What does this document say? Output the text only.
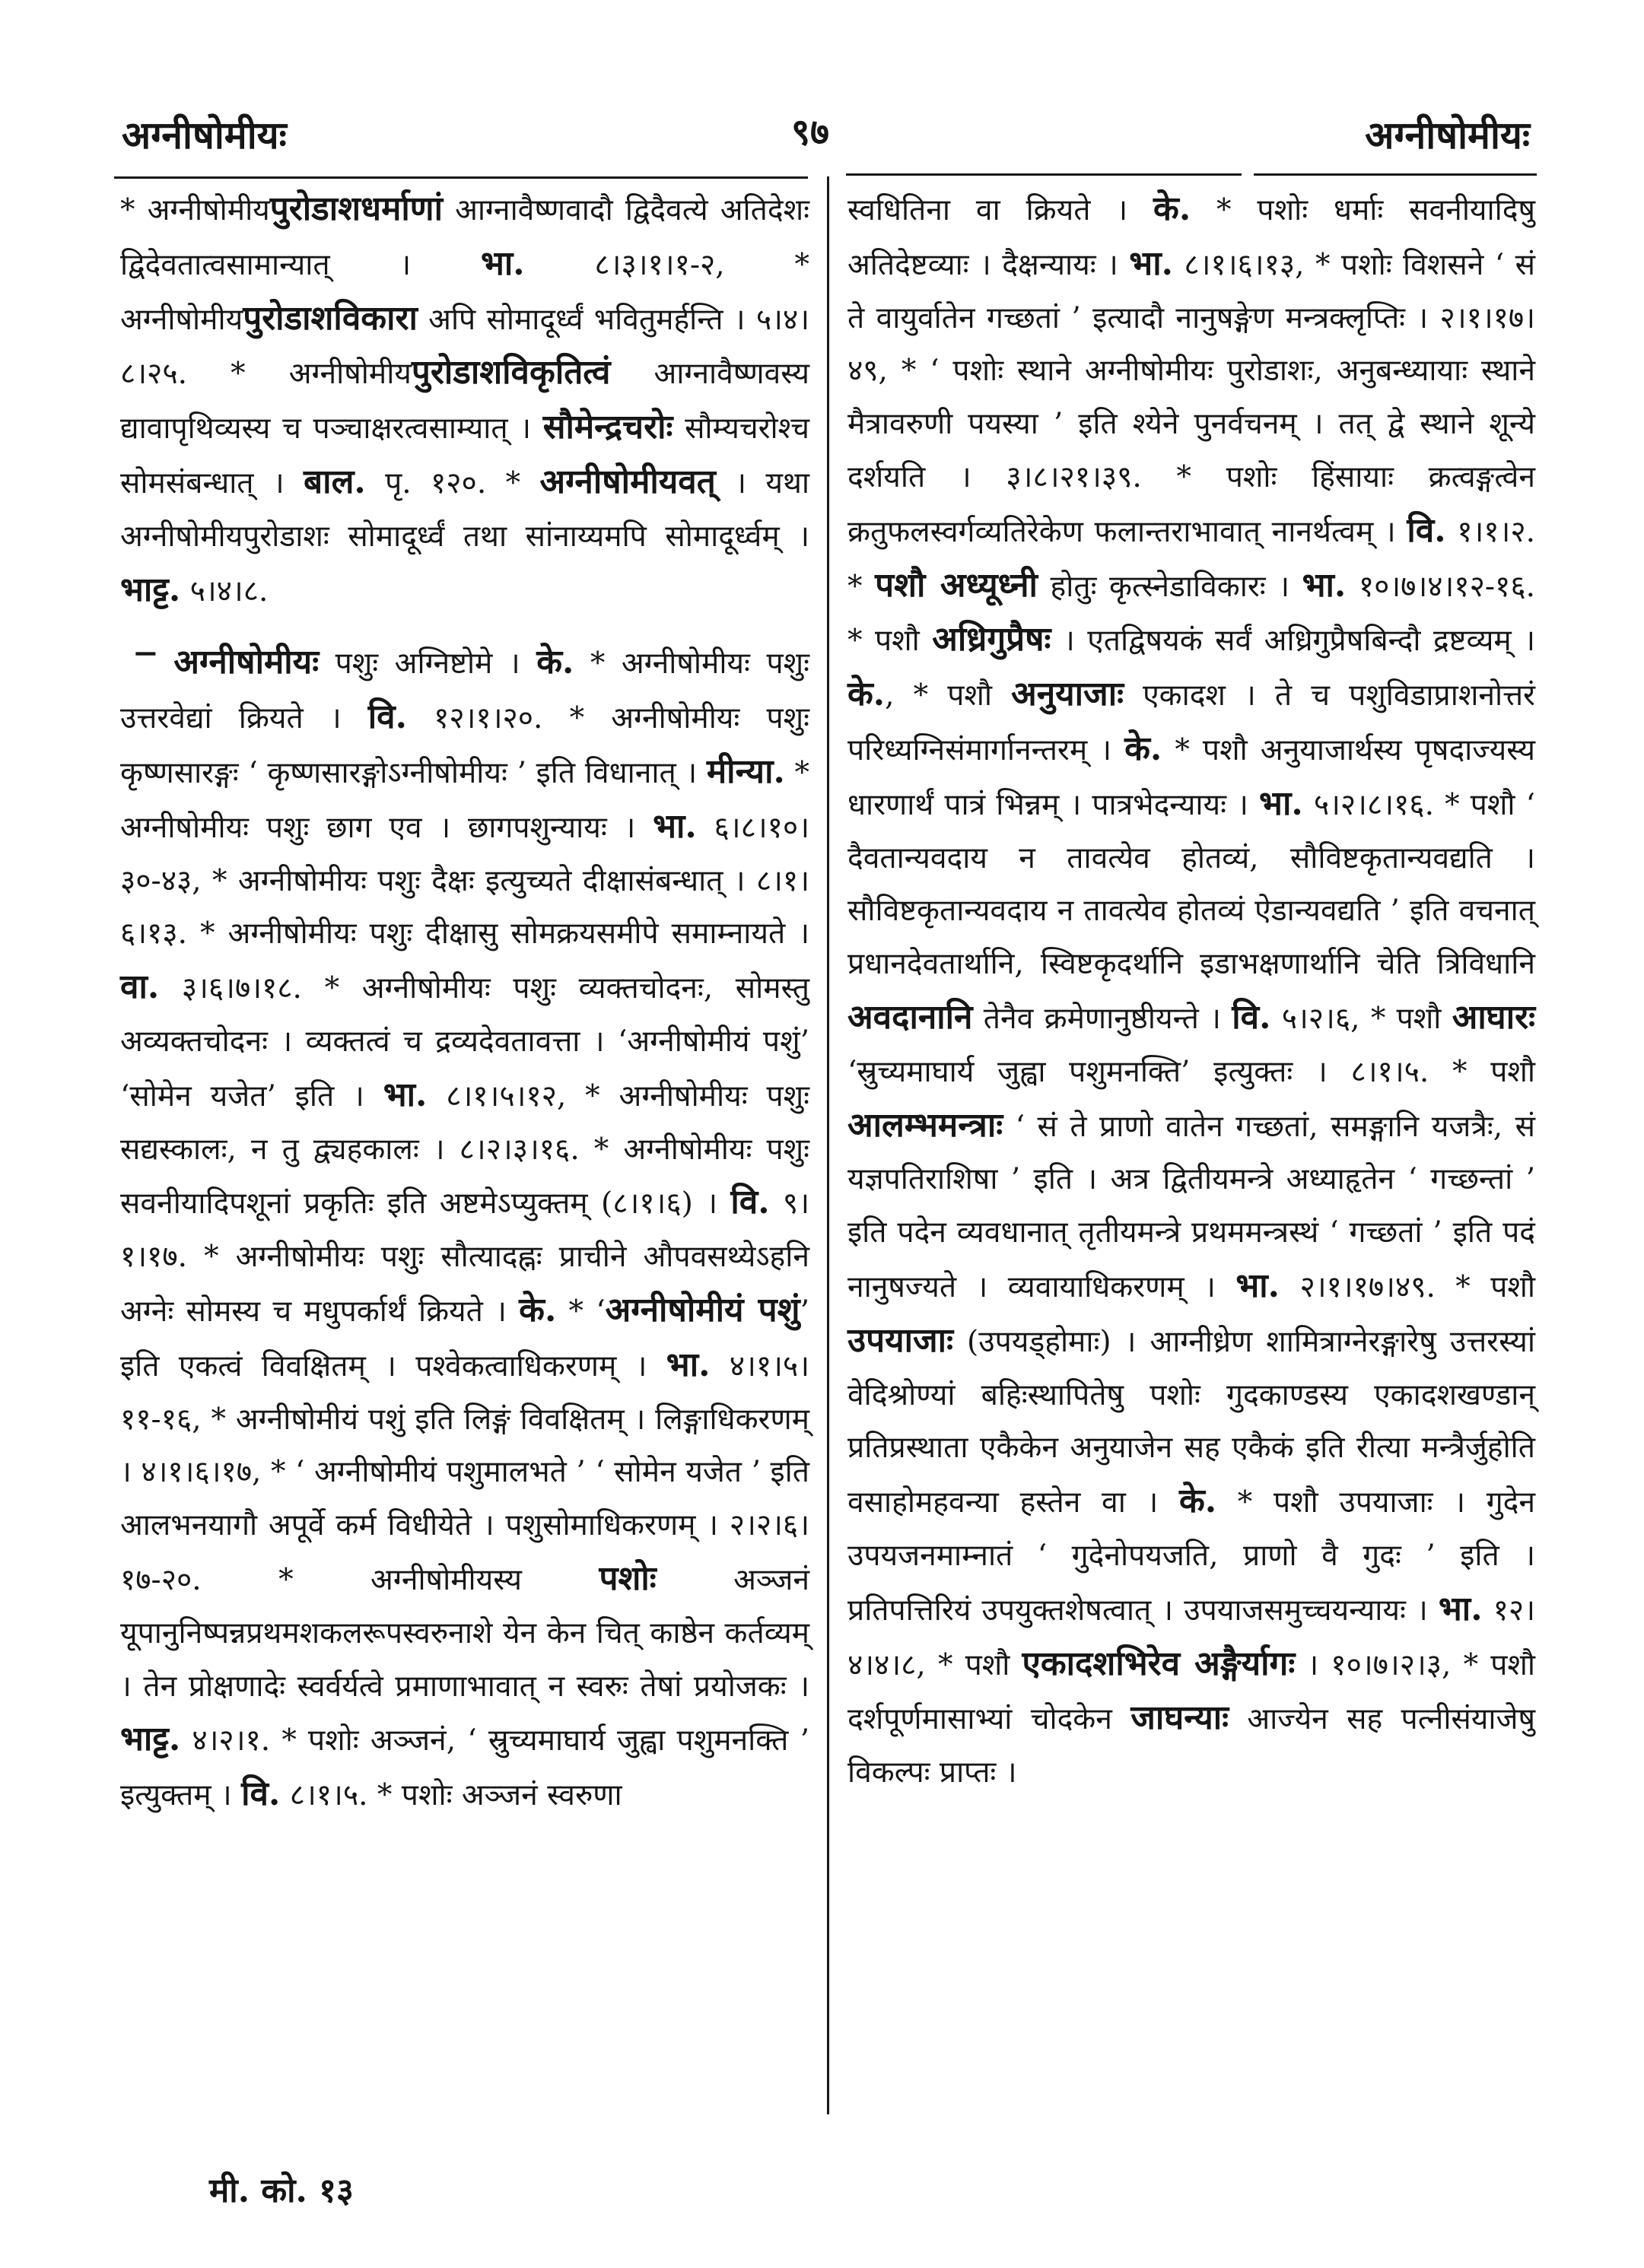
अग्नीषोमीयः	९७	अग्नीषोमीयः

* अग्नीषोमीयपुरोडाशधर्माणां आग्नावैष्णवादौ द्विदैवत्ये अतिदेशः द्विदेवतात्वसामान्यात् । भा. ८।३।१।१-२, * अग्नीषोमीयपुरोडाशविकारा अपि सोमादूर्ध्वं भवितुमर्हन्ति । ५।४।८।२५. * अग्नीषोमीयपुरोडाशविकृतित्वं आग्नावैष्णवस्य द्यावापृथिव्यस्य च पञ्चाक्षरत्वसाम्यात् । सौमेन्द्रचरोः सौम्यचरोश्च सोमसंबन्धात् । बाल. पृ. १२०. * अग्नीषोमीयवत् । यथा अग्नीषोमीयपुरोडाशः सोमादूर्ध्वं तथा सांनाय्यमपि सोमादूर्ध्वम् । भाट्ट. ५।४।८.

ꣻ अग्नीषोमीयः पशुः अग्निष्टोमे । के. * अग्नीषोमीयः पशुः उत्तरवेद्यां क्रियते । वि. १२।१।२०. * अग्नीषोमीयः पशुः कृष्णसारङ्गः ‘ कृष्णसारङ्गोऽग्नीषोमीयः ’ इति विधानात् । मीन्या. * अग्नीषोमीयः पशुः छाग एव । छागपशुन्यायः । भा. ६।८।१०।३०-४३, * अग्नीषोमीयः पशुः दैक्षः इत्युच्यते दीक्षासंबन्धात् । ८।१।६।१३. * अग्नीषोमीयः पशुः दीक्षासु सोमक्रयसमीपे समाम्नायते । वा. ३।६।७।१८. * अग्नीषोमीयः पशुः व्यक्तचोदनः, सोमस्तु अव्यक्तचोदनः । व्यक्तत्वं च द्रव्यदेवतावत्ता । ‘अग्नीषोमीयं पशुं’ ‘सोमेन यजेत’ इति । भा. ८।१।५।१२, * अग्नीषोमीयः पशुः सद्यस्कालः, न तु द्व्यहकालः । ८।२।३।१६. * अग्नीषोमीयः पशुः सवनीयादिपशूनां प्रकृतिः इति अष्टमेऽप्युक्तम् (८।१।६) । वि. ९।१।१७. * अग्नीषोमीयः पशुः सौत्यादह्नः प्राचीने औपवसथ्येऽहनि अग्नेः सोमस्य च मधुपर्कार्थं क्रियते । के. * ‘अग्नीषोमीयं पशुं’ इति एकत्वं विवक्षितम् । पश्वेकत्वाधिकरणम् । भा. ४।१।५।११-१६, * अग्नीषोमीयं पशुं इति लिङ्गं विवक्षितम् । लिङ्गाधिकरणम् । ४।१।६।१७, * ‘ अग्नीषोमीयं पशुमालभते ’ ‘ सोमेन यजेत ’ इति आलभनयागौ अपूर्वे कर्म विधीयेते । पशुसोमाधिकरणम् । २।२।६।१७-२०. * अग्नीषोमीयस्य पशोः अञ्जनं यूपानुनिष्पन्नप्रथमशकलरूपस्वरुनाशे येन केन चित् काष्ठेन कर्तव्यम् । तेन प्रोक्षणादेः स्वर्वर्यत्वे प्रमाणाभावात् न स्वरुः तेषां प्रयोजकः । भाट्ट. ४।२।१. * पशोः अञ्जनं, ‘ स्रुच्यमाघार्य जुह्वा पशुमनक्ति ’ इत्युक्तम् । वि. ८।१।५. * पशोः अञ्जनं स्वरुणा

स्वधितिना वा क्रियते । के. * पशोः धर्माः सवनीयादिषु अतिदेष्टव्याः । दैक्षन्यायः । भा. ८।१।६।१३, * पशोः विशसने ‘ सं ते वायुर्वातेन गच्छतां ’ इत्यादौ नानुषङ्गेण मन्त्रक्लृप्तिः । २।१।१७।४९, * ‘ पशोः स्थाने अग्नीषोमीयः पुरोडाशः, अनुबन्ध्यायाः स्थाने मैत्रावरुणी पयस्या ’ इति श्येने पुनर्वचनम् । तत् द्वे स्थाने शून्ये दर्शयति । ३।८।२१।३९. * पशोः हिंसायाः क्रत्वङ्गत्वेन क्रतुफलस्वर्गव्यतिरेकेण फलान्तराभावात् नानर्थत्वम् । वि. १।१।२. * पशौ अध्यूध्नी होतुः कृत्स्नेडाविकारः । भा. १०।७।४।१२-१६. * पशौ अध्रिगुप्रैषः । एतद्विषयकं सर्वं अध्रिगुप्रैषबिन्दौ द्रष्टव्यम् । के., * पशौ अनुयाजाः एकादश । ते च पशुविडाप्राशनोत्तरं परिध्यग्निसंमार्गानन्तरम् । के. * पशौ अनुयाजार्थस्य पृषदाज्यस्य धारणार्थं पात्रं भिन्नम् । पात्रभेदन्यायः । भा. ५।२।८।१६. * पशौ ‘ दैवतान्यवदाय न तावत्येव होतव्यं, सौविष्टकृतान्यवद्यति । सौविष्टकृतान्यवदाय न तावत्येव होतव्यं ऐडान्यवद्यति ’ इति वचनात् प्रधानदेवतार्थानि, स्विष्टकृदर्थानि इडाभक्षणार्थानि चेति त्रिविधानि अवदानानि तेनैव क्रमेणानुष्ठीयन्ते । वि. ५।२।६, * पशौ आघारः ‘स्रुच्यमाघार्य जुह्वा पशुमनक्ति’ इत्युक्तः । ८।१।५. * पशौ आलम्भमन्त्राः ‘ सं ते प्राणो वातेन गच्छतां, समङ्गानि यजत्रैः, सं यज्ञपतिराशिषा ’ इति । अत्र द्वितीयमन्त्रे अध्याहृतेन ‘ गच्छन्तां ’ इति पदेन व्यवधानात् तृतीयमन्त्रे प्रथममन्त्रस्थं ‘ गच्छतां ’ इति पदं नानुषज्यते । व्यवायाधिकरणम् । भा. २।१।१७।४९. * पशौ उपयाजाः (उपयड्होमाः) । आग्नीध्रेण शामित्राग्नेरङ्गारेषु उत्तरस्यां वेदिश्रोण्यां बहिःस्थापितेषु पशोः गुदकाण्डस्य एकादशखण्डान् प्रतिप्रस्थाता एकैकेन अनुयाजेन सह एकैकं इति रीत्या मन्त्रैर्जुहोति वसाहोमहवन्या हस्तेन वा । के. * पशौ उपयाजाः । गुदेन उपयजनमाम्नातं ‘ गुदेनोपयजति, प्राणो वै गुदः ’ इति । प्रतिपत्तिरियं उपयुक्तशेषत्वात् । उपयाजसमुच्चयन्यायः । भा. १२।४।४।८, * पशौ एकादशभिरेव अङ्गैर्यागः । १०।७।२।३, * पशौ दर्शपूर्णमासाभ्यां चोदकेन जाघन्याः आज्येन सह पत्नीसंयाजेषु विकल्पः प्राप्तः ।

मी. को. १३
